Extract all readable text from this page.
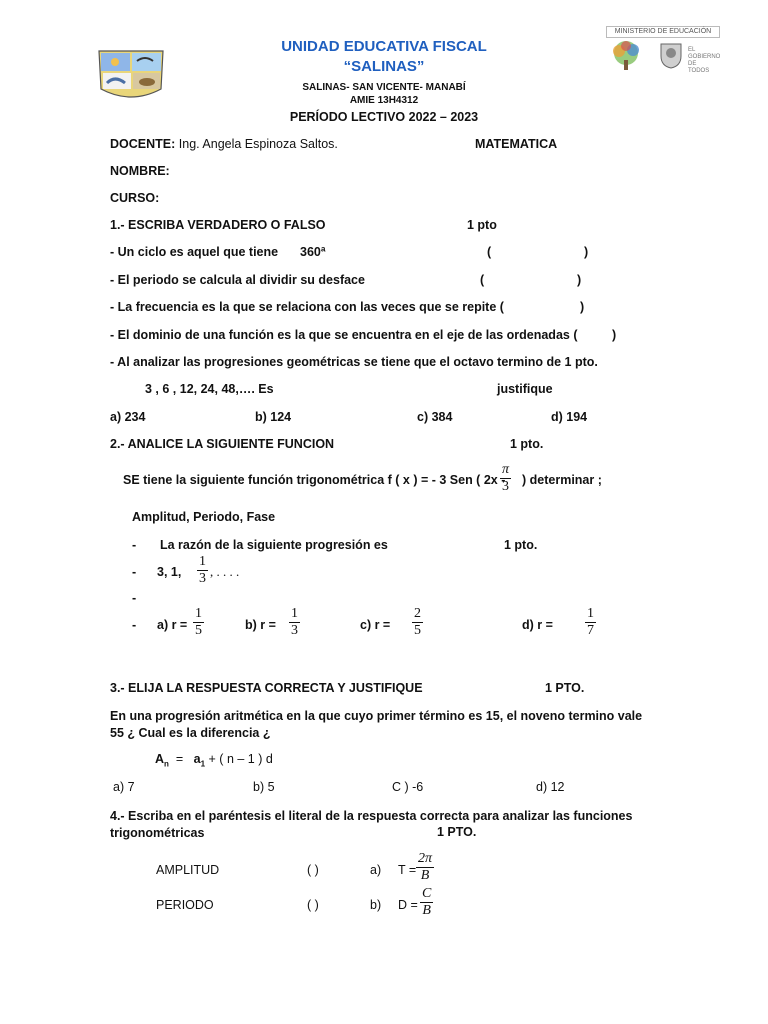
UNIDAD EDUCATIVA FISCAL
“SALINAS”
SALINAS- SAN VICENTE- MANABÍ
AMIE 13H4312
PERÍODO LECTIVO 2022 – 2023
MINISTERIO DE EDUCACIÓN
EL GOBIERNO DE TODOS
DOCENTE: Ing. Angela Espinoza Saltos.	MATEMATICA
NOMBRE:
CURSO:
1.- ESCRIBA VERDADERO O FALSO	1 pto
- Un ciclo es aquel que tiene 360ª	(	)
- El periodo se calcula al dividir su desface	(	)
- La frecuencia es la que se relaciona con las veces que se repite (	)
- El dominio de una función es la que se encuentra en el eje de las ordenadas (	)
- Al analizar las progresiones geométricas se tiene que el octavo termino de 1 pto.
3 , 6 , 12, 24, 48,…. Es	justifique
a) 234	b) 124	c) 384	d) 194
2.- ANALICE LA SIGUIENTE FUNCION	1 pto.
SE tiene la siguiente función trigonométrica f ( x ) = - 3 Sen ( 2x -
$\frac{\pi}{3}$ ) determinar ;
Amplitud, Periodo, Fase
- La razón de la siguiente progresión es	1 pto.
- 3, 1, $\frac{1}{3}$ , . . . .
-
- a) $r = \frac{1}{5}$	b) $r = \frac{1}{3}$	c) $r = \frac{2}{5}$	d) $r = \frac{1}{7}$
3.- ELIJA LA RESPUESTA CORRECTA Y JUSTIFIQUE	1 PTO.
En una progresión aritmética en la que cuyo primer término es 15, el noveno termino vale 55 ¿ Cual es la diferencia ¿
$A_n = a_1$ + ( n – 1 ) d
a) 7	b) 5	C ) -6	d) 12
4.- Escriba en el paréntesis el literal de la respuesta correcta para analizar las funciones trigonométricas	1 PTO.
AMPLITUD	( )	a) $T = \frac{2\pi}{B}$
PERIODO	( )	b) $D = \frac{C}{B}$
